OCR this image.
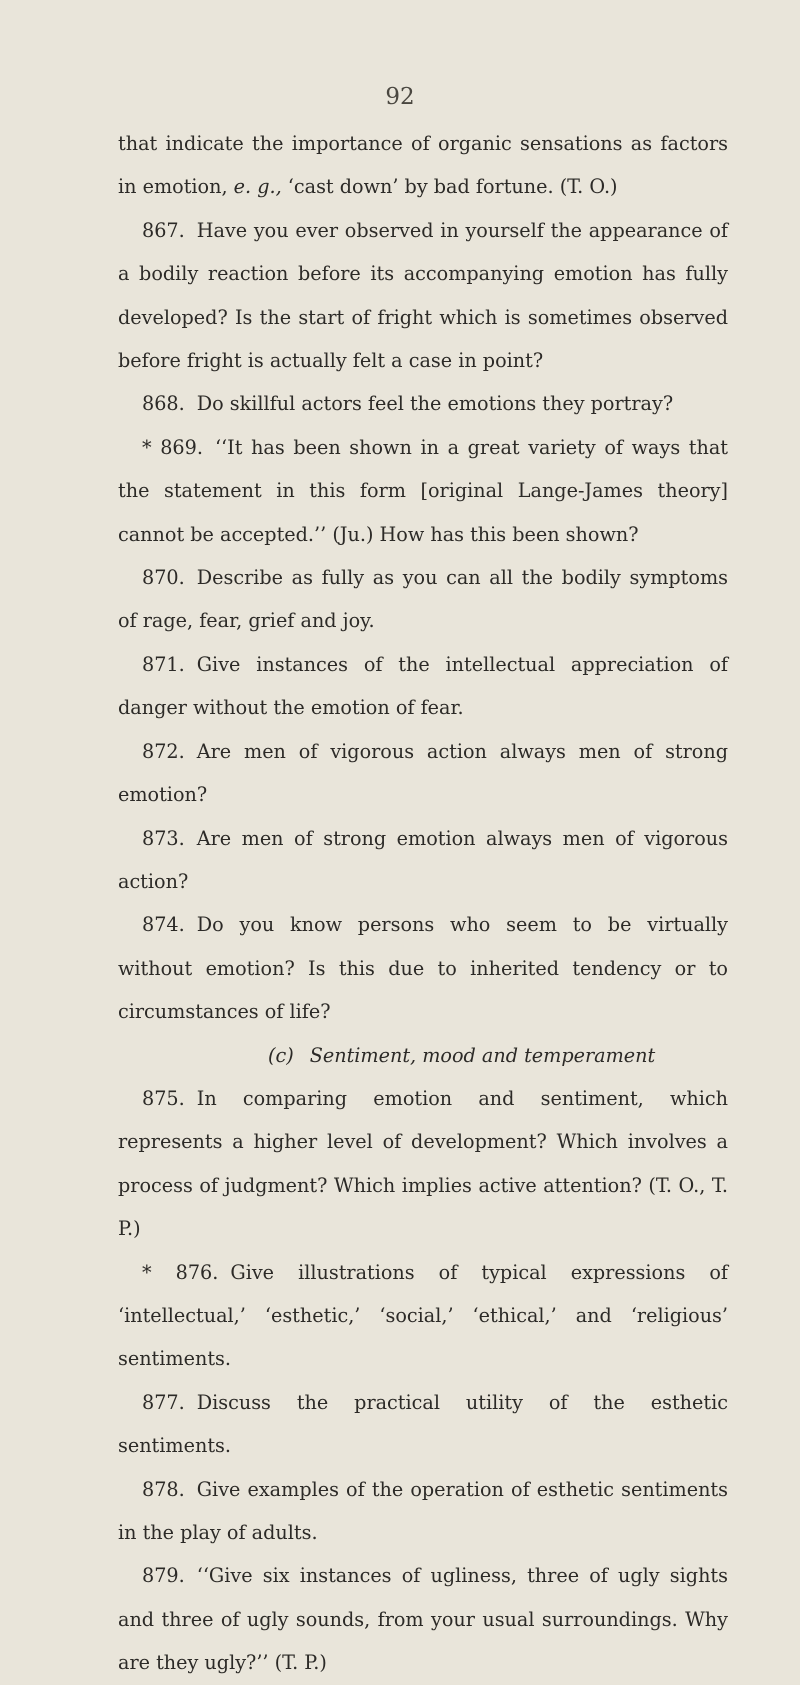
92

that indicate the importance of organic sensations as factors in emotion, e. g., ‘cast down’ by bad fortune. (T. O.)

867. Have you ever observed in yourself the appearance of a bodily reaction before its accompanying emotion has fully developed? Is the start of fright which is sometimes observed before fright is actually felt a case in point?

868. Do skillful actors feel the emotions they portray?

* 869. ‘‘It has been shown in a great variety of ways that the statement in this form [original Lange-James theory] cannot be accepted.’’ (Ju.) How has this been shown?

870. Describe as fully as you can all the bodily symptoms of rage, fear, grief and joy.

871. Give instances of the intellectual appreciation of danger without the emotion of fear.

872. Are men of vigorous action always men of strong emotion?

873. Are men of strong emotion always men of vigorous action?

874. Do you know persons who seem to be virtually without emotion? Is this due to inherited tendency or to circumstances of life?

(c) Sentiment, mood and temperament

875. In comparing emotion and sentiment, which represents a higher level of development? Which involves a process of judgment? Which implies active attention? (T. O., T. P.)

* 876. Give illustrations of typical expressions of ‘intellectual,’ ‘esthetic,’ ‘social,’ ‘ethical,’ and ‘religious’ sentiments.

877. Discuss the practical utility of the esthetic sentiments.

878. Give examples of the operation of esthetic sentiments in the play of adults.

879. ‘‘Give six instances of ugliness, three of ugly sights and three of ugly sounds, from your usual surroundings. Why are they ugly?’’ (T. P.)
